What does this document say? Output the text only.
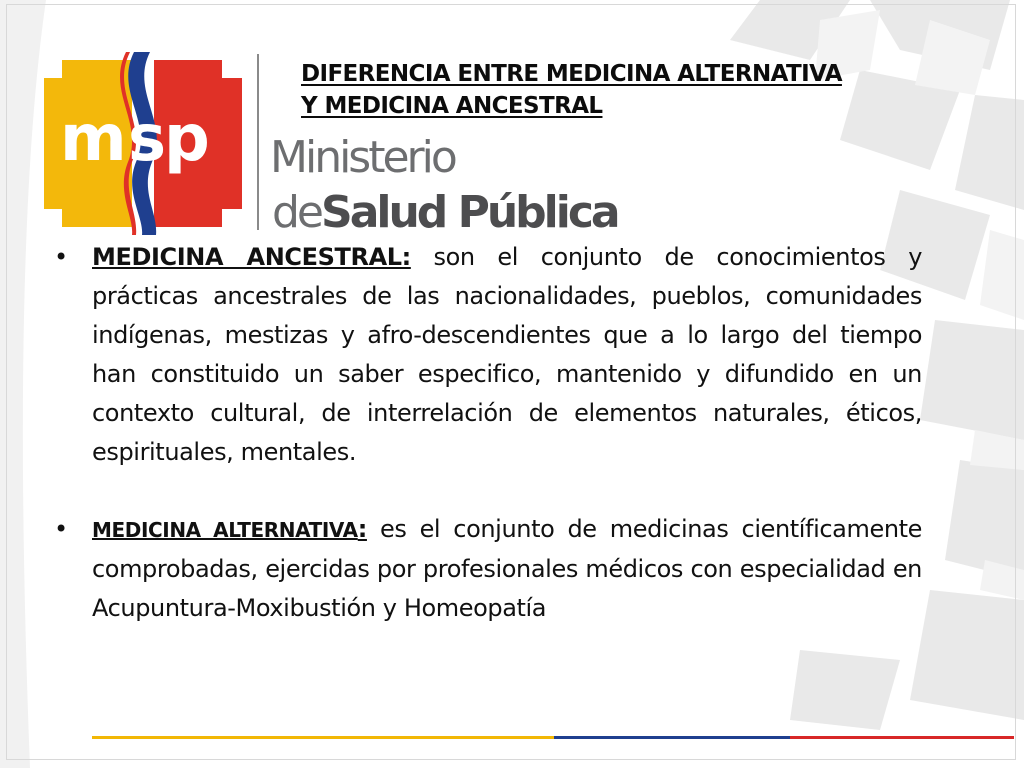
m s
p Ministerio
deSalud Pública
DIFERENCIA ENTRE MEDICINA ALTERNATIVA
Y MEDICINA ANCESTRAL

• MEDICINA ANCESTRAL: son el conjunto de conocimientos y prácticas ancestrales de las nacionalidades, pueblos, comunidades indígenas, mestizas y afro-descendientes que a lo largo del tiempo han constituido un saber especifico, mantenido y difundido en un contexto cultural, de interrelación de elementos naturales, éticos, espirituales, mentales.

• MEDICINA ALTERNATIVA: es el conjunto de medicinas científicamente comprobadas, ejercidas por profesionales médicos con especialidad en Acupuntura-Moxibustión y Homeopatía
